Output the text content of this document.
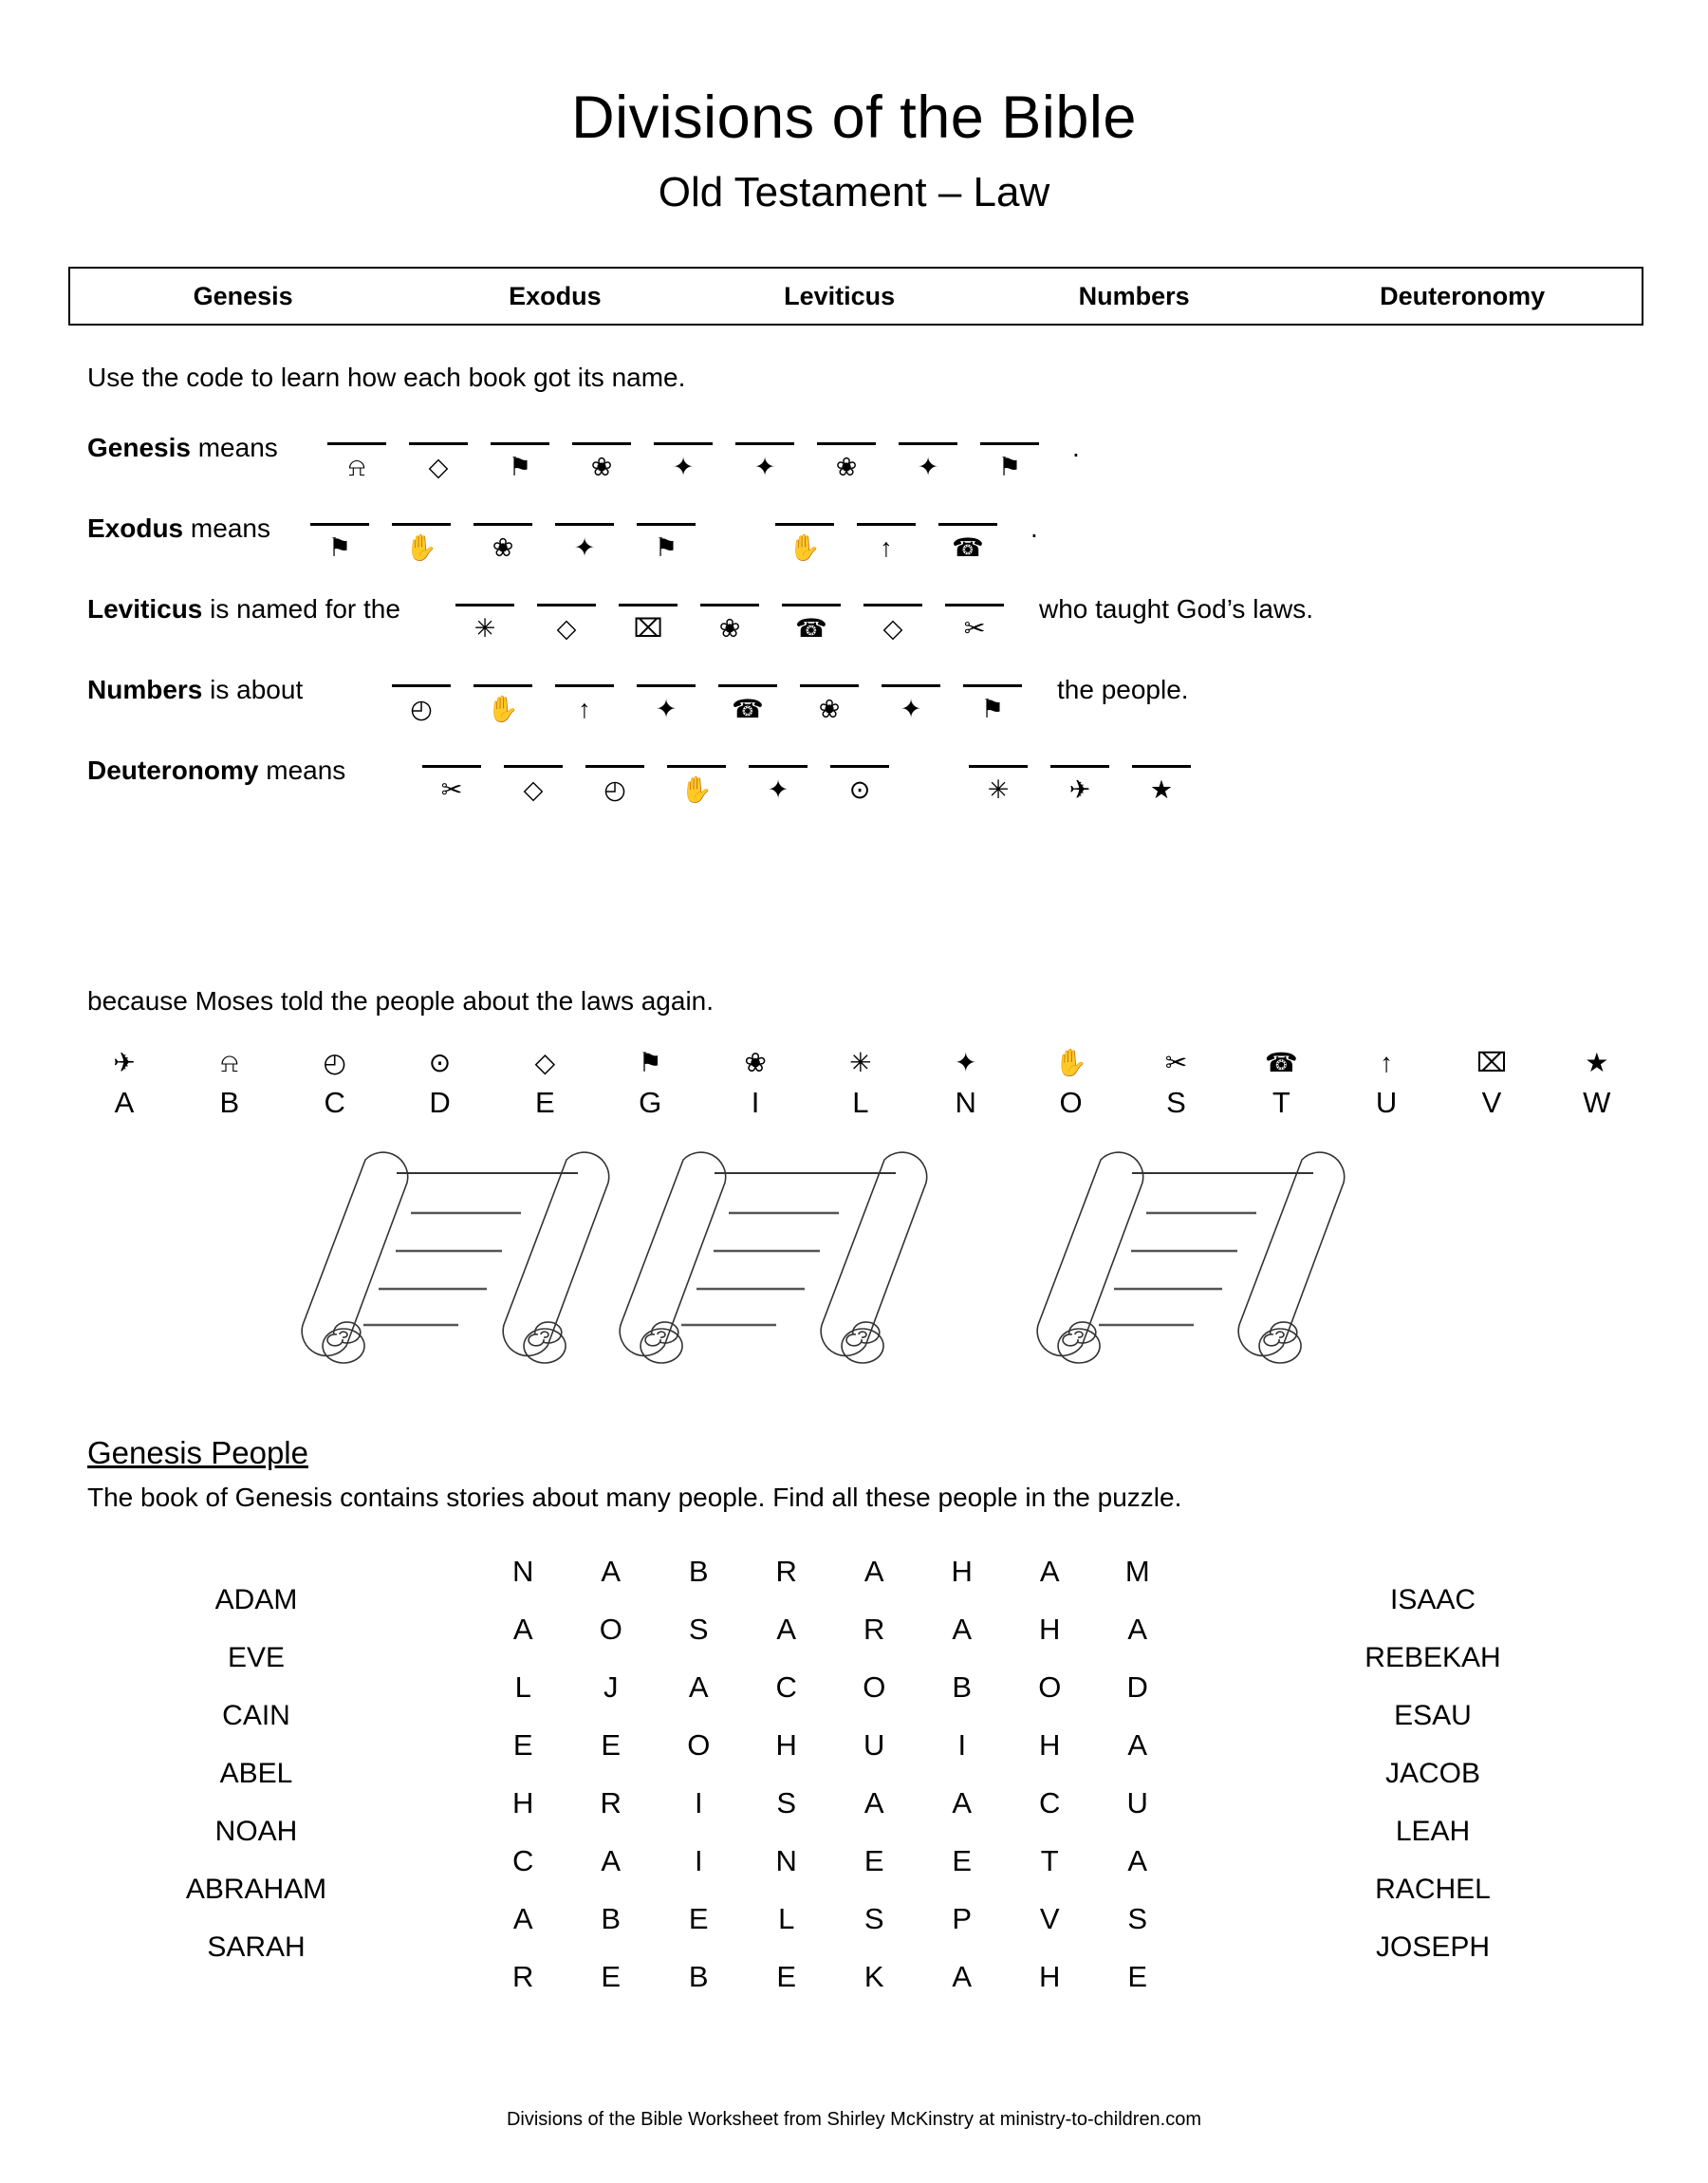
Divisions of the Bible
Old Testament – Law
Genesis	Exodus	Leviticus	Numbers	Deuteronomy
Use the code to learn how each book got its name.
Genesis means
⍾ ◇ ⚑ ❀ ✦ ✦ ❀ ✦ ⚑
.
Exodus means
⚑ ✋ ❀ ✦ ⚑	✋ ↑ ☎
.
Leviticus is named for the
✳ ◇ ⌧ ❀ ☎ ◇ ✂
who taught God’s laws.
Numbers is about
◴ ✋ ↑	✦ ☎ ❀ ✦ ⚑
the people.
Deuteronomy means
✂ ◇ ◴ ✋ ✦ ⊙	✳ ✈ ★
because Moses told the people about the laws again.
✈
A
⍾
B
◴
C
⊙
D
◇
E
⚑
G
❀
I
✳
L
✦
N
✋
O
✂
S
☎
T
↑
U
⌧
V
★
W
Genesis People
The book of Genesis contains stories about many people. Find all these people in the puzzle.
ADAM
EVE
CAIN
ABEL
NOAH
ABRAHAM
SARAH
N	A	B	R	A	H	A	M
A	O	S	A	R	A	H	A
L	J	A	C	O	B	O	D
E	E	O	H	U	I	H	A
H	R	I	S	A	A	C	U
C	A	I	N	E	E	T	A
A	B	E	L	S	P	V	S
R	E	B	E	K	A	H	E
ISAAC
REBEKAH
ESAU
JACOB
LEAH
RACHEL
JOSEPH
Divisions of the Bible Worksheet from Shirley McKinstry at ministry-to-children.com
